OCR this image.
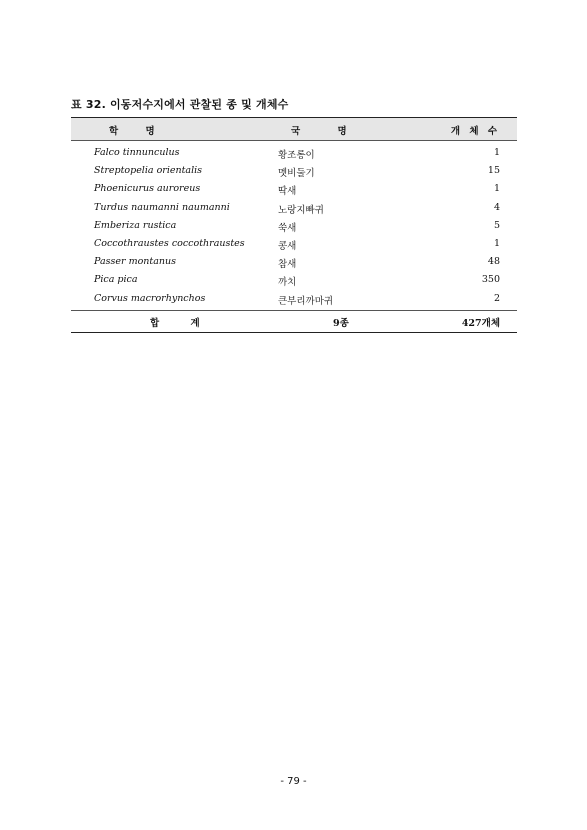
표 32. 이동저수지에서 관찰된 종 및 개체수
학 명	국 명	개 체 수
Falco tinnunculus	황조롱이	1
Streptopelia orientalis	멧비둘기	15
Phoenicurus auroreus	딱새	1
Turdus naumanni naumanni	노랑지빠귀	4
Emberiza rustica	쑥새	5
Coccothraustes coccothraustes	콩새	1
Passer montanus	참새	48
Pica pica	까치	350
Corvus macrorhynchos	큰부리까마귀	2
합 계	9종	427개체
- 79 -
